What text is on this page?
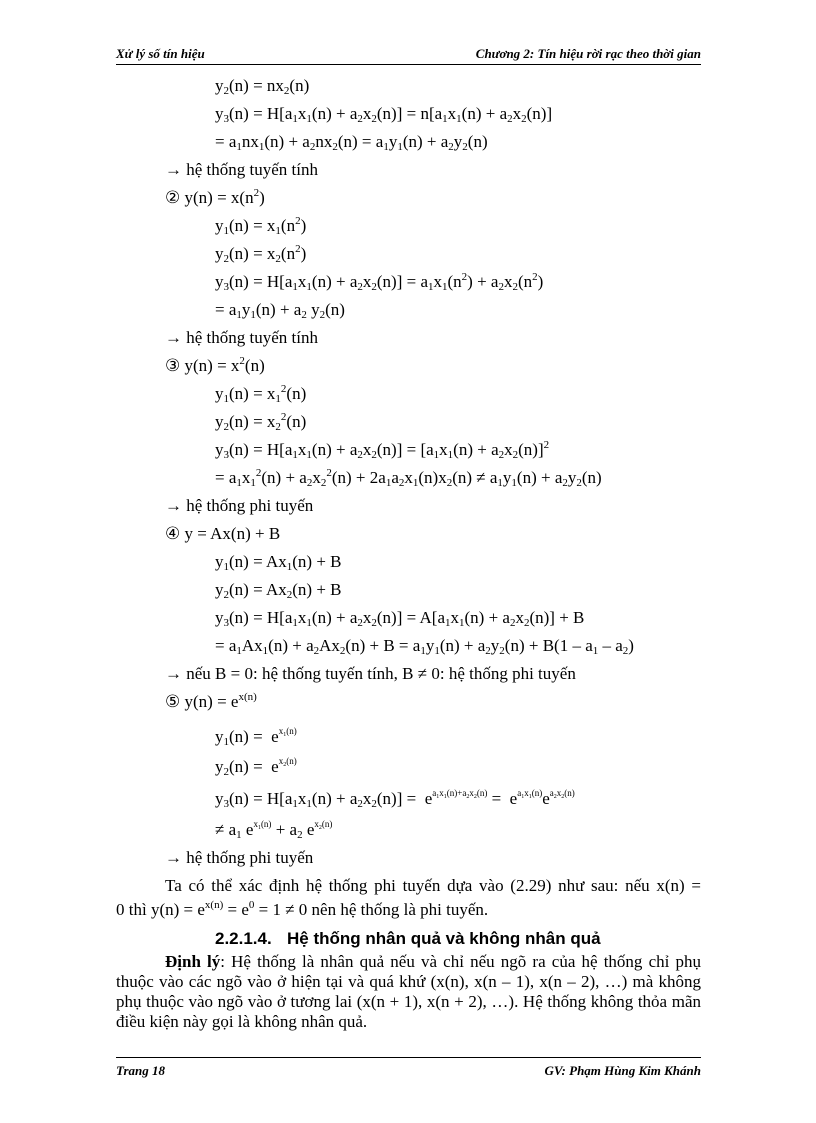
Xử lý số tín hiệu	Chương 2: Tín hiệu rời rạc theo thời gian
$y_2(n) = nx_2(n)$
$y_3(n) = H[a_1x_1(n) + a_2x_2(n)] = n[a_1x_1(n) + a_2x_2(n)]$
= $a_1nx_1(n) + a_2nx_2(n) = a_1y_1(n) + a_2y_2(n)$
→ hệ thống tuyến tính
② $y(n) = x(n^2)$
$y_1(n) = x_1(n^2)$
$y_2(n) = x_2(n^2)$
$y_3(n) = H[a_1x_1(n) + a_2x_2(n)] = a_1x_1(n^2) + a_2x_2(n^2)$
= $a_1y_1(n) + a_2$ $y_2(n)$
→ hệ thống tuyến tính
③ $y(n) = x^2(n)$
$y_1(n) = x_1^2(n)$
$y_2(n) = x_2^2(n)$
$y_3(n) = H[a_1x_1(n) + a_2x_2(n)] = [a_1x_1(n) + a_2x_2(n)]^2$
= $a_1x_1^2(n) + a_2x_2^2(n) + 2a_1a_2x_1(n)x_2(n) \ne a_1y_1(n) + a_2y_2(n)$
→ hệ thống phi tuyến
④ y = Ax(n) + B
$y_1(n) = Ax_1(n) + B$
$y_2(n) = Ax_2(n) + B$
$y_3(n) = H[a_1x_1(n) + a_2x_2(n)] = A[a_1x_1(n) + a_2x_2(n)] + B$
= $a_1Ax_1(n) + a_2Ax_2(n) + B = a_1y_1(n) + a_2y_2(n) + B(1 - a_1 - a_2)$
→ nếu B = 0: hệ thống tuyến tính, B ≠ 0: hệ thống phi tuyến
⑤ $y(n) = e^{x(n)}$
$y_1(n) = e^{x_1(n)}$
$y_2(n) = e^{x_2(n)}$
$y_3(n) = H[a_1x_1(n) + a_2x_2(n)] = e^{a_1x_1(n)+a_2x_2(n)} = e^{a_1x_1(n)}e^{a_2x_2(n)}$
≠ $a_1$ $e^{x_1(n)} + a_2$ $e^{x_2(n)}$
→ hệ thống phi tuyến
Ta có thể xác định hệ thống phi tuyến dựa vào (2.29) như sau: nếu x(n) =
0 thì $y(n) = e^{x(n)} = e^0 = 1 \ne 0$ nên hệ thống là phi tuyến.
2.2.1.4. Hệ thống nhân quả và không nhân quả
Định lý: Hệ thống là nhân quả nếu và chỉ nếu ngõ ra của hệ thống chỉ phụ thuộc vào các ngõ vào ở hiện tại và quá khứ (x(n), x(n – 1), x(n – 2), …) mà không phụ thuộc vào ngõ vào ở tương lai (x(n + 1), x(n + 2), …). Hệ thống không thỏa mãn điều kiện này gọi là không nhân quả.
Trang 18	GV: Phạm Hùng Kim Khánh
